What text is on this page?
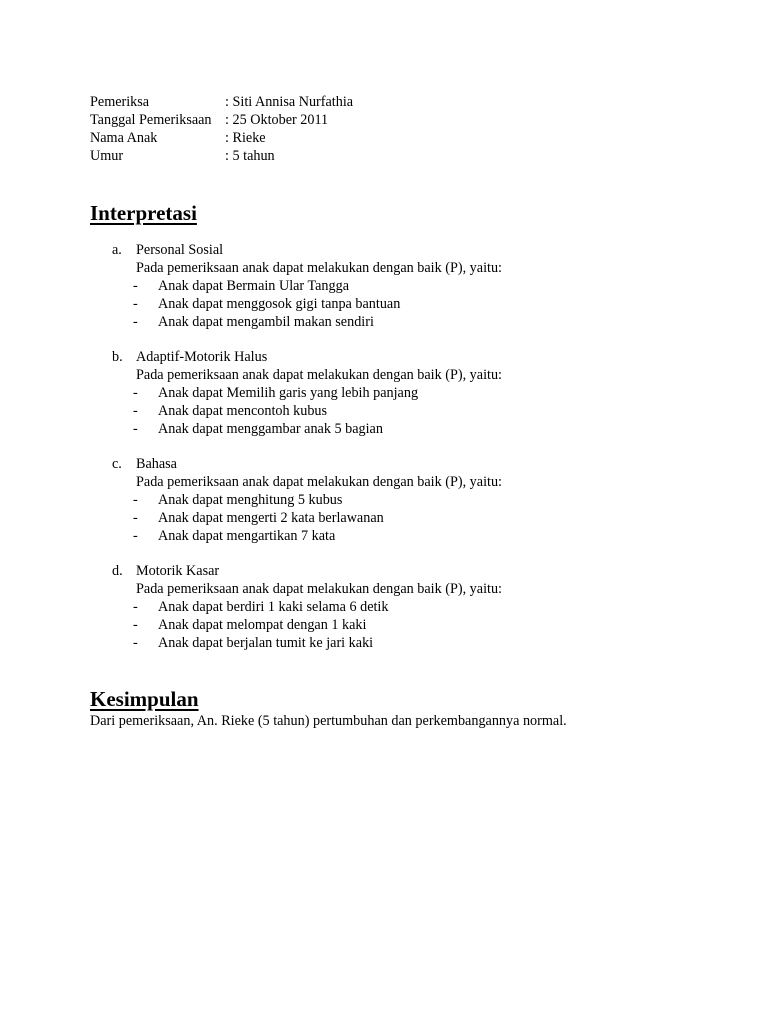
Pemeriksa	: Siti Annisa Nurfathia
Tanggal Pemeriksaan : 25 Oktober 2011
Nama Anak	: Rieke
Umur	: 5 tahun
Interpretasi
a. Personal Sosial
Pada pemeriksaan anak dapat melakukan dengan baik (P), yaitu:
-	Anak dapat Bermain Ular Tangga
-	Anak dapat menggosok gigi tanpa bantuan
-	Anak dapat mengambil makan sendiri
b. Adaptif-Motorik Halus
Pada pemeriksaan anak dapat melakukan dengan baik (P), yaitu:
-	Anak dapat Memilih garis yang lebih panjang
-	Anak dapat mencontoh kubus
-	Anak dapat menggambar anak 5 bagian
c. Bahasa
Pada pemeriksaan anak dapat melakukan dengan baik (P), yaitu:
-	Anak dapat menghitung 5 kubus
-	Anak dapat mengerti 2 kata berlawanan
-	Anak dapat mengartikan 7 kata
d. Motorik Kasar
Pada pemeriksaan anak dapat melakukan dengan baik (P), yaitu:
-	Anak dapat berdiri 1 kaki selama 6 detik
-	Anak dapat melompat dengan 1 kaki
-	Anak dapat berjalan tumit ke jari kaki
Kesimpulan
Dari pemeriksaan, An. Rieke (5 tahun) pertumbuhan dan perkembangannya normal.
